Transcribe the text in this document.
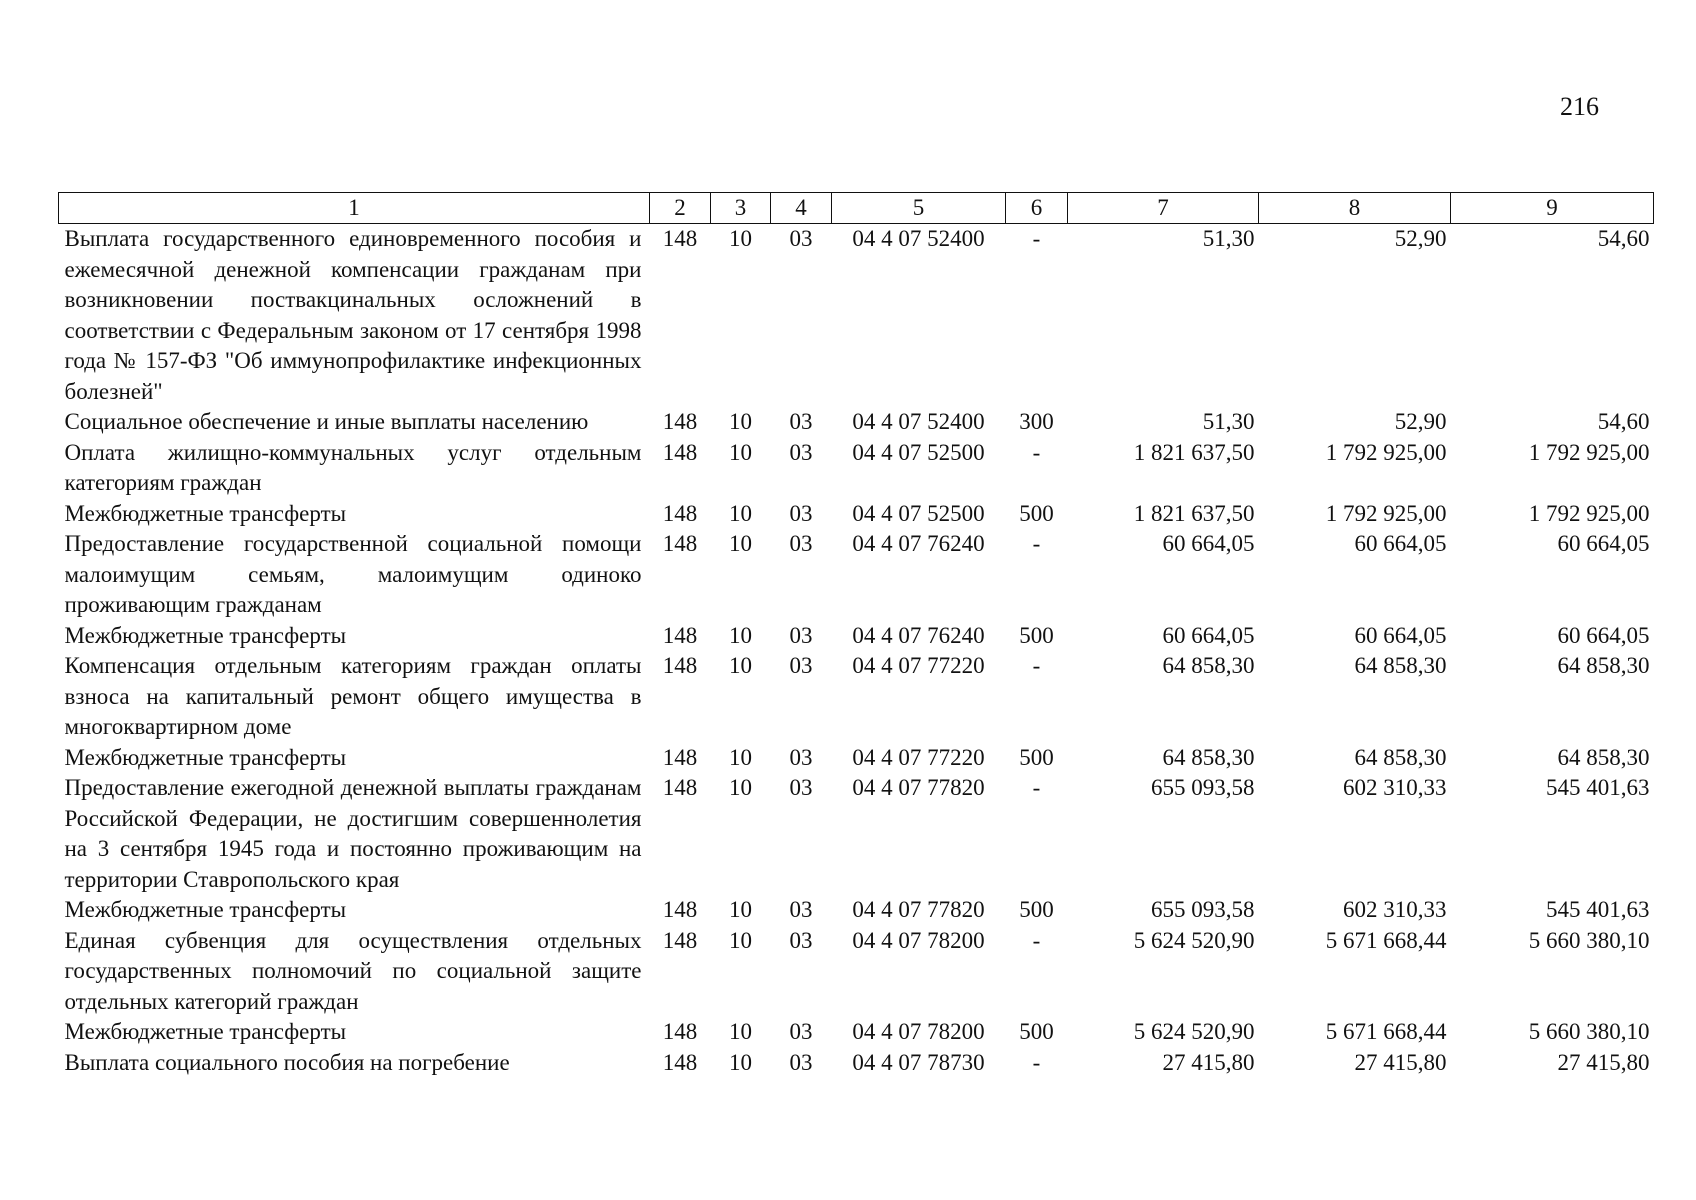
216
1	2	3	4	5	6	7	8	9
Выплата государственного единовременного пособия и ежемесячной денежной компенсации гражданам при возникновении поствакцинальных осложнений в соответствии с Федеральным законом от 17 сентября 1998 года № 157-ФЗ "Об иммунопрофилактике инфекционных болезней"	148	10	03	04 4 07 52400	-	51,30	52,90	54,60
Социальное обеспечение и иные выплаты населению	148	10	03	04 4 07 52400	300	51,30	52,90	54,60
Оплата жилищно-коммунальных услуг отдельным категориям граждан	148	10	03	04 4 07 52500	-	1 821 637,50	1 792 925,00	1 792 925,00
Межбюджетные трансферты	148	10	03	04 4 07 52500	500	1 821 637,50	1 792 925,00	1 792 925,00
Предоставление государственной социальной помощи малоимущим семьям, малоимущим одиноко проживающим гражданам	148	10	03	04 4 07 76240	-	60 664,05	60 664,05	60 664,05
Межбюджетные трансферты	148	10	03	04 4 07 76240	500	60 664,05	60 664,05	60 664,05
Компенсация отдельным категориям граждан оплаты взноса на капитальный ремонт общего имущества в многоквартирном доме	148	10	03	04 4 07 77220	-	64 858,30	64 858,30	64 858,30
Межбюджетные трансферты	148	10	03	04 4 07 77220	500	64 858,30	64 858,30	64 858,30
Предоставление ежегодной денежной выплаты гражданам Российской Федерации, не достигшим совершеннолетия на 3 сентября 1945 года и постоянно проживающим на территории Ставропольского края	148	10	03	04 4 07 77820	-	655 093,58	602 310,33	545 401,63
Межбюджетные трансферты	148	10	03	04 4 07 77820	500	655 093,58	602 310,33	545 401,63
Единая субвенция для осуществления отдельных государственных полномочий по социальной защите отдельных категорий граждан	148	10	03	04 4 07 78200	-	5 624 520,90	5 671 668,44	5 660 380,10
Межбюджетные трансферты	148	10	03	04 4 07 78200	500	5 624 520,90	5 671 668,44	5 660 380,10
Выплата социального пособия на погребение	148	10	03	04 4 07 78730	-	27 415,80	27 415,80	27 415,80
